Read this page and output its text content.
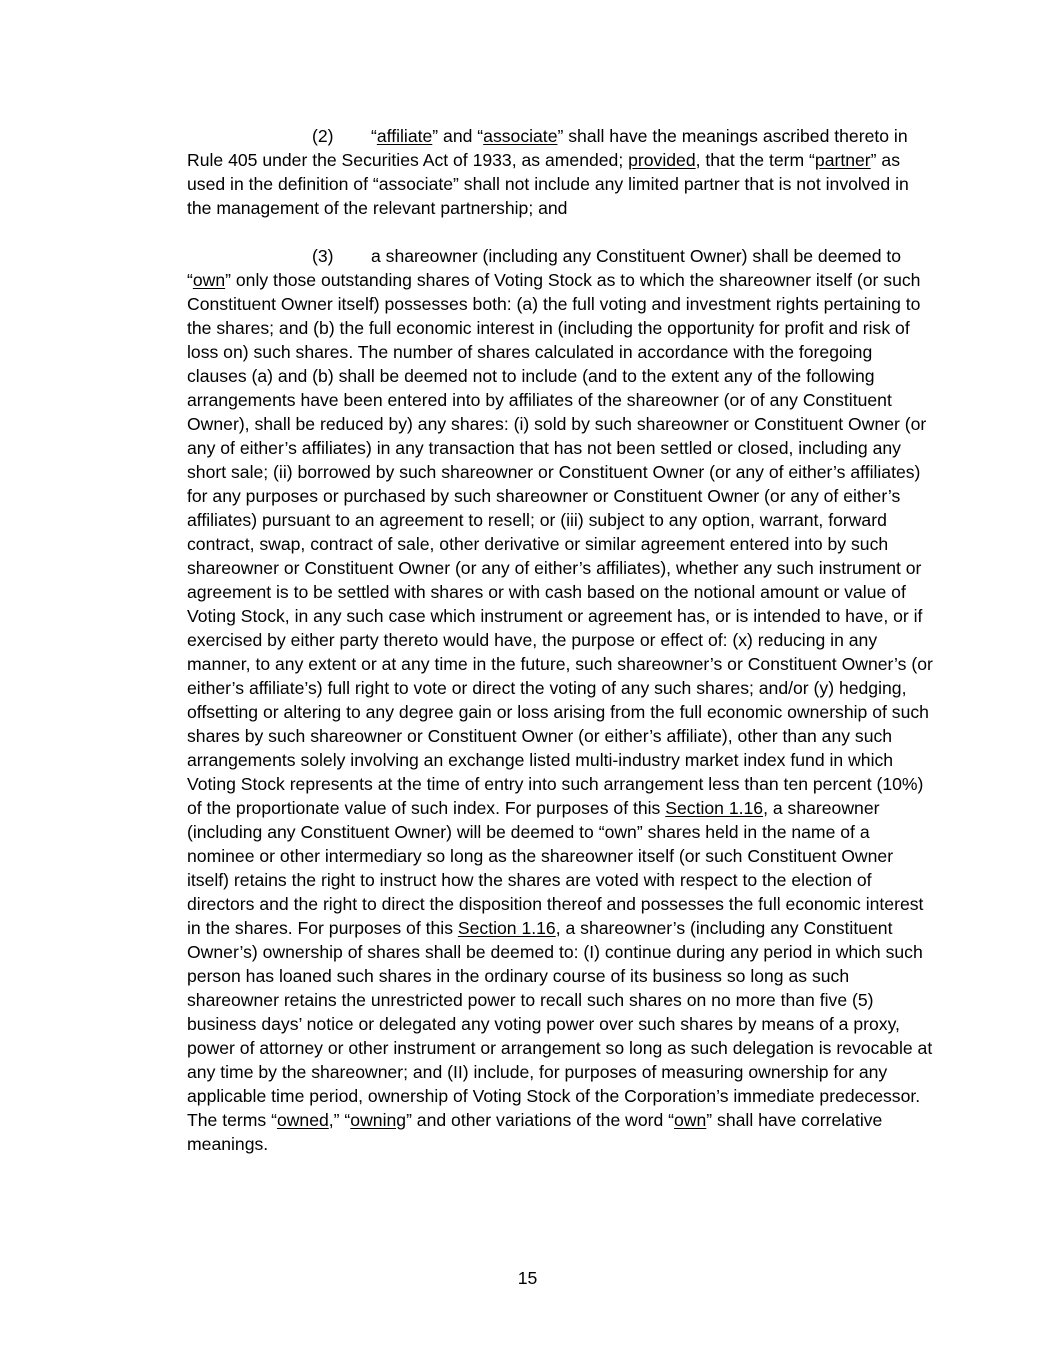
(2) “affiliate” and “associate” shall have the meanings ascribed thereto in Rule 405 under the Securities Act of 1933, as amended; provided, that the term “partner” as used in the definition of “associate” shall not include any limited partner that is not involved in the management of the relevant partnership; and

(3) a shareowner (including any Constituent Owner) shall be deemed to “own” only those outstanding shares of Voting Stock as to which the shareowner itself (or such Constituent Owner itself) possesses both: (a) the full voting and investment rights pertaining to the shares; and (b) the full economic interest in (including the opportunity for profit and risk of loss on) such shares. The number of shares calculated in accordance with the foregoing clauses (a) and (b) shall be deemed not to include (and to the extent any of the following arrangements have been entered into by affiliates of the shareowner (or of any Constituent Owner), shall be reduced by) any shares: (i) sold by such shareowner or Constituent Owner (or any of either’s affiliates) in any transaction that has not been settled or closed, including any short sale; (ii) borrowed by such shareowner or Constituent Owner (or any of either’s affiliates) for any purposes or purchased by such shareowner or Constituent Owner (or any of either’s affiliates) pursuant to an agreement to resell; or (iii) subject to any option, warrant, forward contract, swap, contract of sale, other derivative or similar agreement entered into by such shareowner or Constituent Owner (or any of either’s affiliates), whether any such instrument or agreement is to be settled with shares or with cash based on the notional amount or value of Voting Stock, in any such case which instrument or agreement has, or is intended to have, or if exercised by either party thereto would have, the purpose or effect of: (x) reducing in any manner, to any extent or at any time in the future, such shareowner’s or Constituent Owner’s (or either’s affiliate’s) full right to vote or direct the voting of any such shares; and/or (y) hedging, offsetting or altering to any degree gain or loss arising from the full economic ownership of such shares by such shareowner or Constituent Owner (or either’s affiliate), other than any such arrangements solely involving an exchange listed multi-industry market index fund in which Voting Stock represents at the time of entry into such arrangement less than ten percent (10%) of the proportionate value of such index. For purposes of this Section 1.16, a shareowner (including any Constituent Owner) will be deemed to “own” shares held in the name of a nominee or other intermediary so long as the shareowner itself (or such Constituent Owner itself) retains the right to instruct how the shares are voted with respect to the election of directors and the right to direct the disposition thereof and possesses the full economic interest in the shares. For purposes of this Section 1.16, a shareowner’s (including any Constituent Owner’s) ownership of shares shall be deemed to: (I) continue during any period in which such person has loaned such shares in the ordinary course of its business so long as such shareowner retains the unrestricted power to recall such shares on no more than five (5) business days’ notice or delegated any voting power over such shares by means of a proxy, power of attorney or other instrument or arrangement so long as such delegation is revocable at any time by the shareowner; and (II) include, for purposes of measuring ownership for any applicable time period, ownership of Voting Stock of the Corporation’s immediate predecessor. The terms “owned,” “owning” and other variations of the word “own” shall have correlative meanings.

15
